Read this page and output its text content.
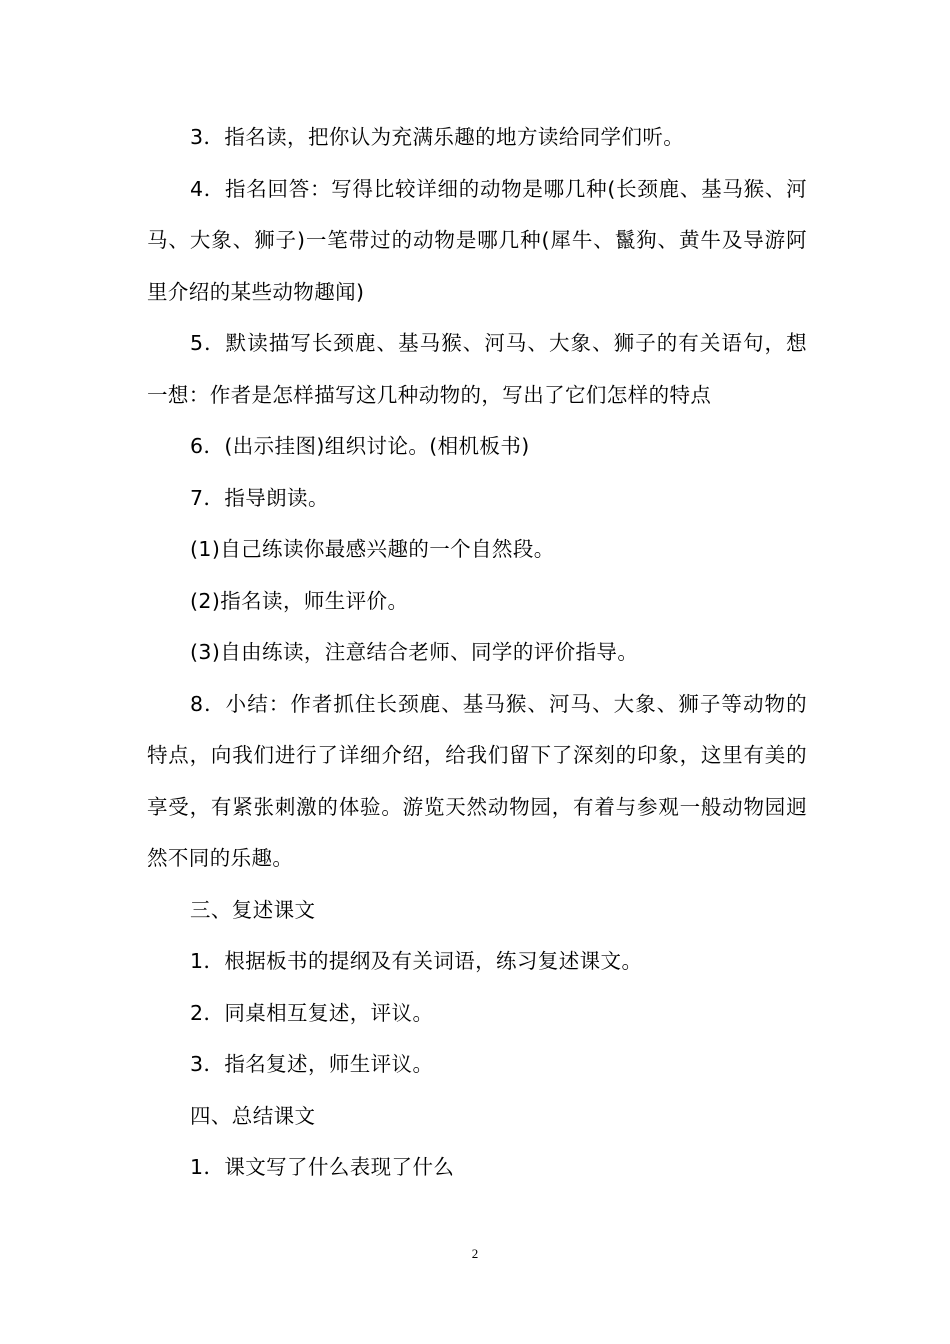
3．指名读，把你认为充满乐趣的地方读给同学们听。

4．指名回答：写得比较详细的动物是哪几种(长颈鹿、基马猴、河马、大象、狮子)一笔带过的动物是哪几种(犀牛、鬣狗、黄牛及导游阿里介绍的某些动物趣闻)

5．默读描写长颈鹿、基马猴、河马、大象、狮子的有关语句，想一想：作者是怎样描写这几种动物的，写出了它们怎样的特点

6．(出示挂图)组织讨论。(相机板书)

7．指导朗读。

(1)自己练读你最感兴趣的一个自然段。

(2)指名读，师生评价。

(3)自由练读，注意结合老师、同学的评价指导。

8．小结：作者抓住长颈鹿、基马猴、河马、大象、狮子等动物的特点，向我们进行了详细介绍，给我们留下了深刻的印象，这里有美的享受，有紧张刺激的体验。游览天然动物园，有着与参观一般动物园迥然不同的乐趣。

三、复述课文

1．根据板书的提纲及有关词语，练习复述课文。

2．同桌相互复述，评议。

3．指名复述，师生评议。

四、总结课文

1．课文写了什么表现了什么

2
